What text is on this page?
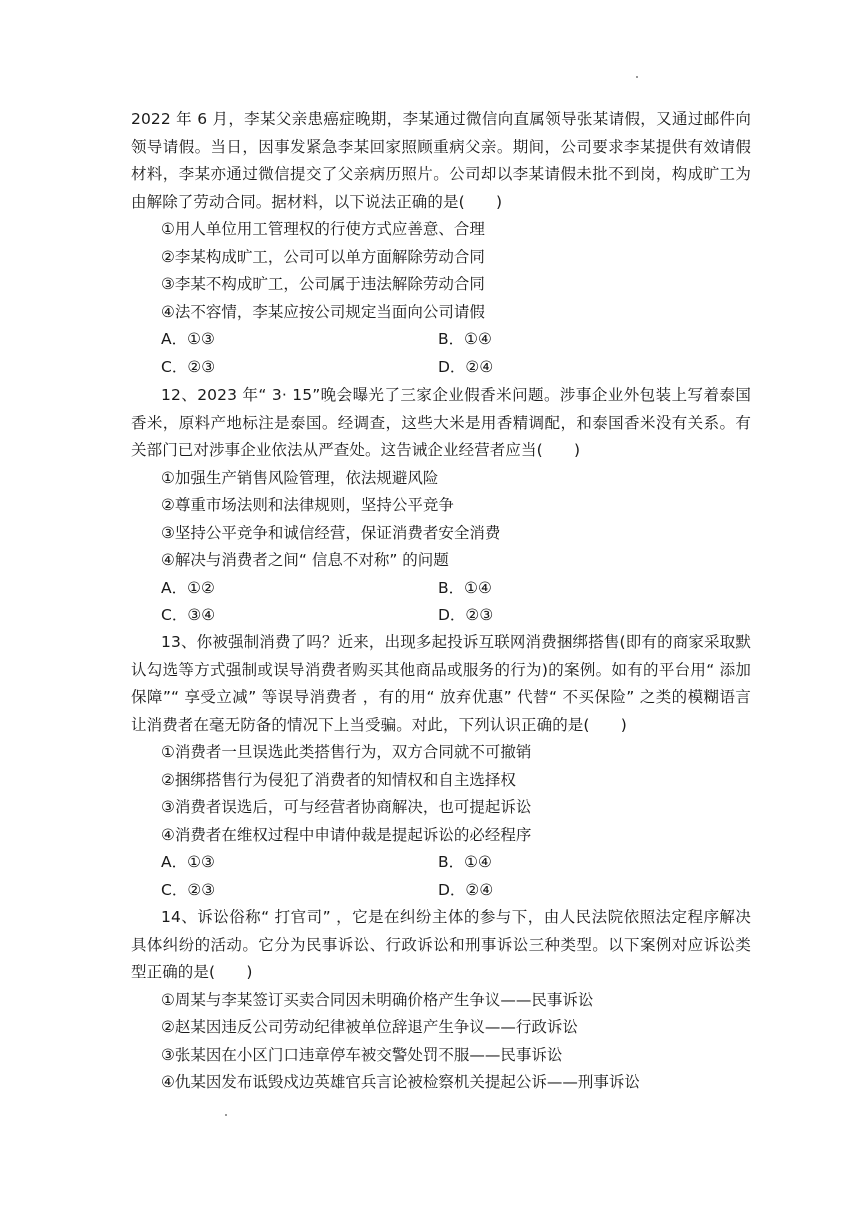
2022 年 6 月，李某父亲患癌症晚期，李某通过微信向直属领导张某请假，又通过邮件向领导请假。当日，因事发紧急李某回家照顾重病父亲。期间，公司要求李某提供有效请假材料，李某亦通过微信提交了父亲病历照片。公司却以李某请假未批不到岗，构成旷工为由解除了劳动合同。据材料，以下说法正确的是(　　)

①用人单位用工管理权的行使方式应善意、合理

②李某构成旷工，公司可以单方面解除劳动合同

③李某不构成旷工，公司属于违法解除劳动合同

④法不容情，李某应按公司规定当面向公司请假

A．①③	B．①④
C．②③	D．②④

12、2023 年“ 3· 15”晚会曝光了三家企业假香米问题。涉事企业外包装上写着泰国香米，原料产地标注是泰国。经调查，这些大米是用香精调配，和泰国香米没有关系。有关部门已对涉事企业依法从严查处。这告诫企业经营者应当(　　)

①加强生产销售风险管理，依法规避风险

②尊重市场法则和法律规则，坚持公平竞争

③坚持公平竞争和诚信经营，保证消费者安全消费

④解决与消费者之间“ 信息不对称” 的问题

A．①②	B．①④
C．③④	D．②③

13、你被强制消费了吗？近来，出现多起投诉互联网消费捆绑搭售(即有的商家采取默认勾选等方式强制或误导消费者购买其他商品或服务的行为)的案例。如有的平台用“ 添加保障”“ 享受立减” 等误导消费者 ，有的用“ 放弃优惠” 代替“ 不买保险” 之类的模糊语言让消费者在毫无防备的情况下上当受骗。对此，下列认识正确的是(　　)

①消费者一旦误选此类搭售行为，双方合同就不可撤销

②捆绑搭售行为侵犯了消费者的知情权和自主选择权

③消费者误选后，可与经营者协商解决，也可提起诉讼

④消费者在维权过程中申请仲裁是提起诉讼的必经程序

A．①③	B．①④
C．②③	D．②④

14、诉讼俗称“ 打官司” ，它是在纠纷主体的参与下，由人民法院依照法定程序解决具体纠纷的活动。它分为民事诉讼、行政诉讼和刑事诉讼三种类型。以下案例对应诉讼类型正确的是(　　)

①周某与李某签订买卖合同因未明确价格产生争议——民事诉讼

②赵某因违反公司劳动纪律被单位辞退产生争议——行政诉讼

③张某因在小区门口违章停车被交警处罚不服——民事诉讼

④仇某因发布诋毁戍边英雄官兵言论被检察机关提起公诉——刑事诉讼
